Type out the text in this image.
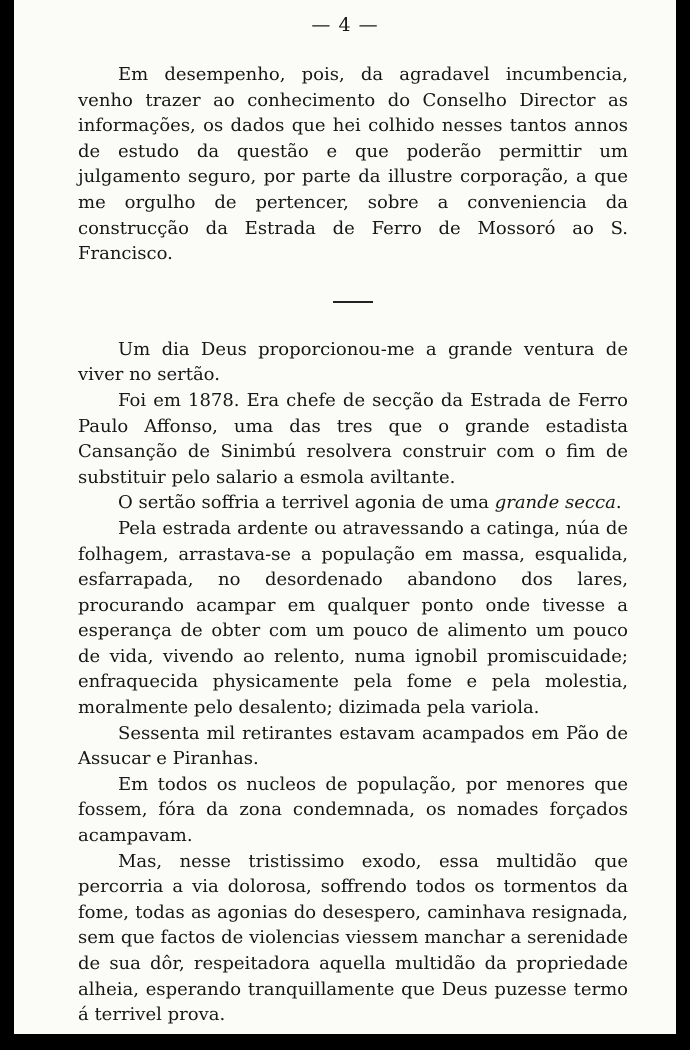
— 4 —

Em desempenho, pois, da agradavel incumbencia, venho trazer ao conhecimento do Conselho Director as informações, os dados que hei colhido nesses tantos annos de estudo da questão e que poderão permittir um julgamento seguro, por parte da illustre corporação, a que me orgulho de pertencer, sobre a conveniencia da construcção da Estrada de Ferro de Mossoró ao S. Francisco.

Um dia Deus proporcionou-me a grande ventura de viver no sertão.

Foi em 1878. Era chefe de secção da Estrada de Ferro Paulo Affonso, uma das tres que o grande estadista Cansanção de Sinimbú resolvera construir com o fim de substituir pelo salario a esmola aviltante.

O sertão soffria a terrivel agonia de uma grande secca.

Pela estrada ardente ou atravessando a catinga, núa de folhagem, arrastava-se a população em massa, esqualida, esfarrapada, no desordenado abandono dos lares, procurando acampar em qualquer ponto onde tivesse a esperança de obter com um pouco de alimento um pouco de vida, vivendo ao relento, numa ignobil promiscuidade; enfraquecida physicamente pela fome e pela molestia, moralmente pelo desalento; dizimada pela variola.

Sessenta mil retirantes estavam acampados em Pão de Assucar e Piranhas.

Em todos os nucleos de população, por menores que fossem, fóra da zona condemnada, os nomades forçados acampavam.

Mas, nesse tristissimo exodo, essa multidão que percorria a via dolorosa, soffrendo todos os tormentos da fome, todas as agonias do desespero, caminhava resignada, sem que factos de violencias viessem manchar a serenidade de sua dôr, respeitadora aquella multidão da propriedade alheia, esperando tranquillamente que Deus puzesse termo á terrivel prova.
